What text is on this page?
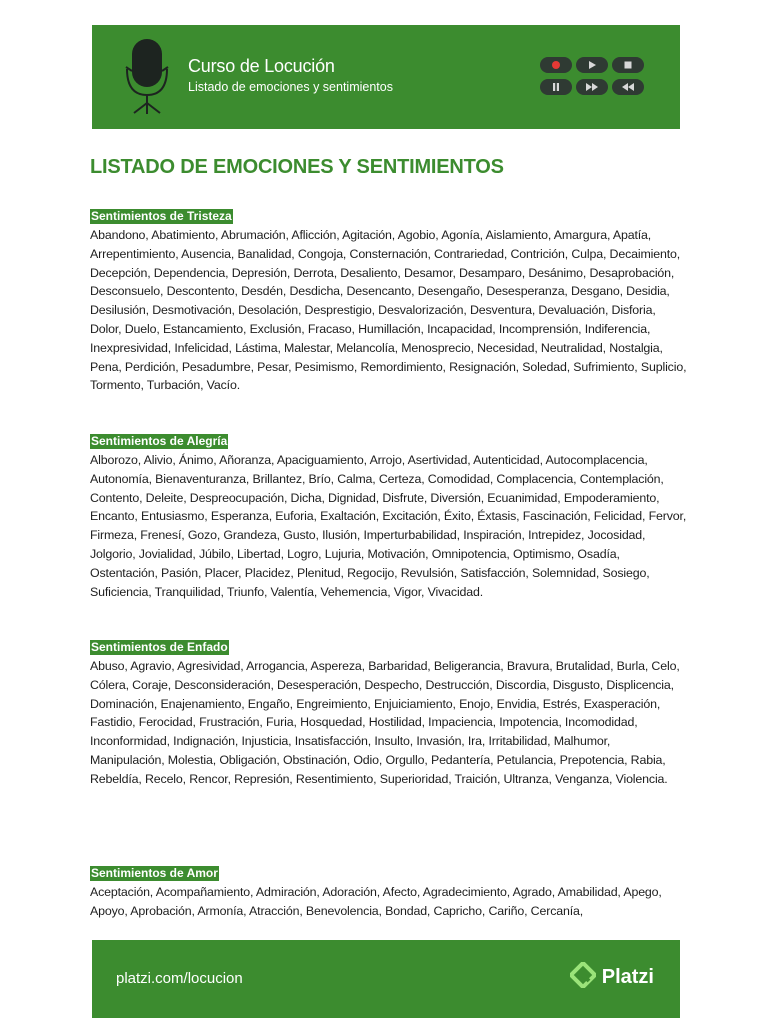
Curso de Locución
Listado de emociones y sentimientos
LISTADO DE EMOCIONES Y SENTIMIENTOS
Sentimientos de Tristeza

Abandono, Abatimiento, Abrumación, Aflicción, Agitación, Agobio, Agonía, Aislamiento, Amargura, Apatía, Arrepentimiento, Ausencia, Banalidad, Congoja, Consternación, Contrariedad, Contrición, Culpa, Decaimiento, Decepción, Dependencia, Depresión, Derrota, Desaliento, Desamor, Desamparo, Desánimo, Desaprobación, Desconsuelo, Descontento, Desdén, Desdicha, Desencanto, Desengaño, Desesperanza, Desgano, Desidia, Desilusión, Desmotivación, Desolación, Desprestigio, Desvalorización, Desventura, Devaluación, Disforia, Dolor, Duelo, Estancamiento, Exclusión, Fracaso, Humillación, Incapacidad, Incomprensión, Indiferencia, Inexpresividad, Infelicidad, Lástima, Malestar, Melancolía, Menosprecio, Necesidad, Neutralidad, Nostalgia, Pena, Perdición, Pesadumbre, Pesar, Pesimismo, Remordimiento, Resignación, Soledad, Sufrimiento, Suplicio, Tormento, Turbación, Vacío.

Sentimientos de Alegría

Alborozo, Alivio, Ánimo, Añoranza, Apaciguamiento, Arrojo, Asertividad, Autenticidad, Autocomplacencia, Autonomía, Bienaventuranza, Brillantez, Brío, Calma, Certeza, Comodidad, Complacencia, Contemplación, Contento, Deleite, Despreocupación, Dicha, Dignidad, Disfrute, Diversión, Ecuanimidad, Empoderamiento, Encanto, Entusiasmo, Esperanza, Euforia, Exaltación, Excitación, Éxito, Éxtasis, Fascinación, Felicidad, Fervor, Firmeza, Frenesí, Gozo, Grandeza, Gusto, Ilusión, Imperturbabilidad, Inspiración, Intrepidez, Jocosidad, Jolgorio, Jovialidad, Júbilo, Libertad, Logro, Lujuria, Motivación, Omnipotencia, Optimismo, Osadía, Ostentación, Pasión, Placer, Placidez, Plenitud, Regocijo, Revulsión, Satisfacción, Solemnidad, Sosiego, Suficiencia, Tranquilidad, Triunfo, Valentía, Vehemencia, Vigor, Vivacidad.

Sentimientos de Enfado

Abuso, Agravio, Agresividad, Arrogancia, Aspereza, Barbaridad, Beligerancia, Bravura, Brutalidad, Burla, Celo, Cólera, Coraje, Desconsideración, Desesperación, Despecho, Destrucción, Discordia, Disgusto, Displicencia, Dominación, Enajenamiento, Engaño, Engreimiento, Enjuiciamiento, Enojo, Envidia, Estrés, Exasperación, Fastidio, Ferocidad, Frustración, Furia, Hosquedad, Hostilidad, Impaciencia, Impotencia, Incomodidad, Inconformidad, Indignación, Injusticia, Insatisfacción, Insulto, Invasión, Ira, Irritabilidad, Malhumor, Manipulación, Molestia, Obligación, Obstinación, Odio, Orgullo, Pedantería, Petulancia, Prepotencia, Rabia, Rebeldía, Recelo, Rencor, Represión, Resentimiento, Superioridad, Traición, Ultranza, Venganza, Violencia.

Sentimientos de Amor

Aceptación, Acompañamiento, Admiración, Adoración, Afecto, Agradecimiento, Agrado, Amabilidad, Apego, Apoyo, Aprobación, Armonía, Atracción, Benevolencia, Bondad, Capricho, Cariño, Cercanía,

platzi.com/locucion	Platzi
